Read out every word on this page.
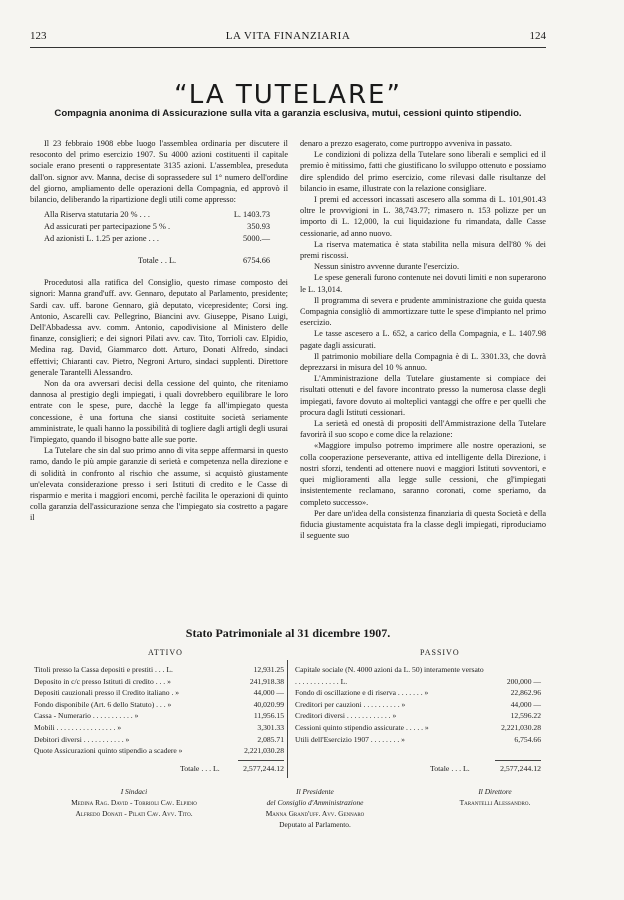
123	LA VITA FINANZIARIA	124
“LA TUTELARE”
Compagnia anonima di Assicurazione sulla vita a garanzia esclusiva, mutui, cessioni quinto stipendio.

Il 23 febbraio 1908 ebbe luogo l'assemblea ordinaria per discutere il resoconto del primo esercizio 1907. Su 4000 azioni costituenti il capitale sociale erano presenti o rappresentate 3135 azioni. L'assemblea, preseduta dall'on. signor avv. Manna, decise di soprassedere sul 1° numero dell'ordine del giorno, ampliamento delle operazioni della Compagnia, ed approvò il bilancio, deliberando la ripartizione degli utili come appresso:

Alla Riserva statutaria 20 % . . .	L. 1403.73
Ad assicurati per partecipazione 5 % .	350.93
Ad azionisti L. 1.25 per azione . . .	5000.—
Totale . . L.	6754.66

Procedutosi alla ratifica del Consiglio, questo rimase composto dei signori: Manna grand'uff. avv. Gennaro, deputato al Parlamento, presidente; Sardi cav. uff. barone Gennaro, già deputato, vicepresidente; Corsi ing. Antonio, Ascarelli cav. Pellegrino, Biancini avv. Giuseppe, Pisano Luigi, Dell'Abbadessa avv. comm. Antonio, capodivisione al Ministero delle finanze, consiglieri; e dei signori Pilati avv. cav. Tito, Torrioli cav. Elpidio, Medina rag. David, Giammarco dott. Arturo, Donati Alfredo, sindaci effettivi; Chiaranti cav. Pietro, Negroni Arturo, sindaci supplenti. Direttore generale Tarantelli Alessandro.

Non da ora avversari decisi della cessione del quinto, che riteniamo dannosa al prestigio degli impiegati, i quali dovrebbero equilibrare le loro entrate con le spese, pure, dacchè la legge fa all'impiegato questa concessione, è una fortuna che siansi costituite società seriamente amministrate, le quali hanno la possibilità di togliere dagli artigli degli usurai l'impiegato, quando il bisogno batte alle sue porte.

La Tutelare che sin dal suo primo anno di vita seppe affermarsi in questo ramo, dando le più ampie garanzie di serietà e competenza nella direzione e di solidità in confronto al rischio che assume, si acquistò giustamente un'elevata considerazione presso i seri Istituti di credito e le Casse di risparmio e merita i maggiori encomi, perchè facilita le operazioni di quinto colla garanzia dell'assicurazione senza che l'impiegato sia costretto a pagare il

denaro a prezzo esagerato, come purtroppo avveniva in passato.

Le condizioni di polizza della Tutelare sono liberali e semplici ed il premio è mitissimo, fatti che giustificano lo sviluppo ottenuto e possiamo dire splendido del primo esercizio, come rilevasi dalle risultanze del bilancio in esame, illustrate con la relazione consigliare.

I premi ed accessori incassati ascesero alla somma di L. 101,901.43 oltre le provvigioni in L. 38,743.77; rimasero n. 153 polizze per un importo di L. 12,000, la cui liquidazione fu rimandata, dalle Casse cessionarie, ad anno nuovo.

La riserva matematica è stata stabilita nella misura dell'80 % dei premi riscossi.

Nessun sinistro avvenne durante l'esercizio.

Le spese generali furono contenute nei dovuti limiti e non superarono le L. 13,014.

Il programma di severa e prudente amministrazione che guida questa Compagnia consigliò di ammortizzare tutte le spese d'impianto nel primo esercizio.

Le tasse ascesero a L. 652, a carico della Compagnia, e L. 1407.98 pagate dagli assicurati.

Il patrimonio mobiliare della Compagnia è di L. 3301.33, che dovrà deprezzarsi in misura del 10 % annuo.

L'Amministrazione della Tutelare giustamente si compiace dei risultati ottenuti e del favore incontrato presso la numerosa classe degli impiegati, favore dovuto ai molteplici vantaggi che offre e per quelli che procura dagli Istituti cessionari.

La serietà ed onestà di propositi dell'Ammistrazione della Tutelare favorirà il suo scopo e come dice la relazione:

«Maggiore impulso potremo imprimere alle nostre operazioni, se colla cooperazione perseverante, attiva ed intelligente della Direzione, i nostri sforzi, tendenti ad ottenere nuovi e maggiori Istituti sovventori, e quei miglioramenti alla legge sulle cessioni, che gl'impiegati insistentemente reclamano, saranno coronati, come speriamo, da completo successo».

Per dare un'idea della consistenza finanziaria di questa Società e della fiducia giustamente acquistata fra la classe degli impiegati, riproduciamo il seguente suo

Stato Patrimoniale al 31 dicembre 1907.
ATTIVO	PASSIVO
Titoli presso la Cassa depositi e prestiti . . . L.	12,931.25
Deposito in c/c presso Istituti di credito . . . »	241,918.38
Depositi cauzionali presso il Credito italiano . »	44,000 —
Fondo disponibile (Art. 6 dello Statuto) . . . »	40,020.99
Cassa - Numerario . . . . . . . . . . . »	11,956.15
Mobili . . . . . . . . . . . . . . . . »	3,301.33
Debitori diversi . . . . . . . . . . . »	2,085.71
Quote Assicurazioni quinto stipendio a scadere »	2,221,030.28
Capitale sociale (N. 4000 azioni da L. 50) interamente versato . . . . . . . . . . . . L.	200,000 —
Fondo di oscillazione e di riserva . . . . . . . »	22,862.96
Creditori per cauzioni . . . . . . . . . . »	44,000 —
Creditori diversi . . . . . . . . . . . . »	12,596.22
Cessioni quinto stipendio assicurate . . . . . »	2,221,030.28
Utili dell'Esercizio 1907 . . . . . . . . »	6,754.66
Totale . . . L.	2,577,244.12	Totale . . . L.	2,577,244.12
I Sindaci
Medina Rag. David - Torrioli Cav. Elpidio
Alfredo Donati - Pilati Cav. Avv. Tito.
Il Presidente
del Consiglio d'Amministrazione
Manna Grand'uff. Avv. Gennaro
Deputato al Parlamento.
Il Direttore
Tarantelli Alessandro.
